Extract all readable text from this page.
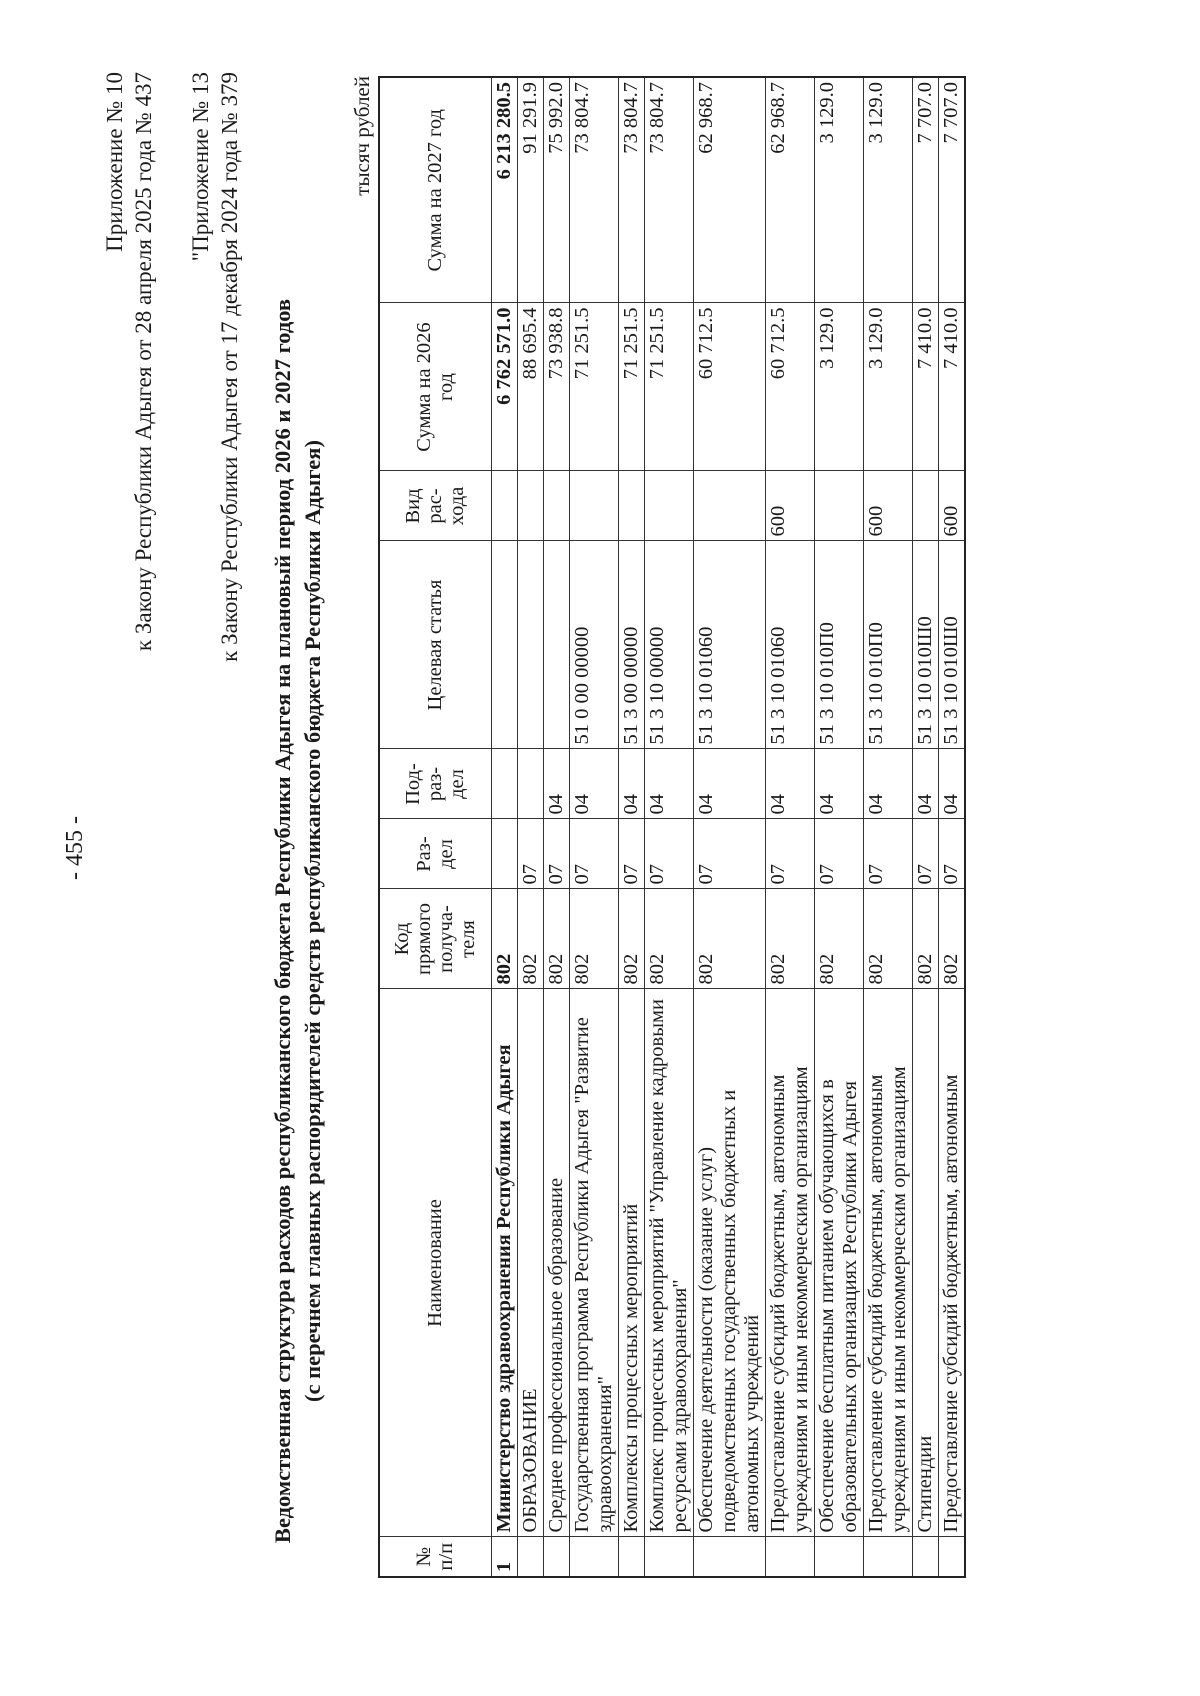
- 455 -
Приложение № 10 к Закону Республики Адыгея от 28 апреля 2025 года № 437 "Приложение № 13 к Закону Республики Адыгея от 17 декабря 2024 года № 379 Ведомственная структура расходов республиканского бюджета Республики Адыгея на плановый период 2026 и 2027 годов (с перечнем главных распорядителей средств республиканского бюджета Республики Адыгея)
тысяч рублей
№ п/п	Наименование	Код прямого получа-теля	Раз-дел	Под-раз-дел	Целевая статья	Вид рас-хода	Сумма на 2026 год	Сумма на 2027 год
1	Министерство здравоохранения Республики Адыгея	802					6 762 571.0	6 213 280.5
	ОБРАЗОВАНИЕ	802	07				88 695.4	91 291.9
	Среднее профессиональное образование	802	07	04			73 938.8	75 992.0
	Государственная программа Республики Адыгея "Развитие здравоохранения"	802	07	04	51 0 00 00000		71 251.5	73 804.7
	Комплексы процессных мероприятий	802	07	04	51 3 00 00000		71 251.5	73 804.7
	Комплекс процессных мероприятий "Управление кадровыми ресурсами здравоохранения"	802	07	04	51 3 10 00000		71 251.5	73 804.7
	Обеспечение деятельности (оказание услуг) подведомственных государственных бюджетных и автономных учреждений	802	07	04	51 3 10 01060		60 712.5	62 968.7
	Предоставление субсидий бюджетным, автономным учреждениям и иным некоммерческим организациям	802	07	04	51 3 10 01060	600	60 712.5	62 968.7
	Обеспечение бесплатным питанием обучающихся в образовательных организациях Республики Адыгея	802	07	04	51 3 10 010П0		3 129.0	3 129.0
	Предоставление субсидий бюджетным, автономным учреждениям и иным некоммерческим организациям	802	07	04	51 3 10 010П0	600	3 129.0	3 129.0
	Стипендии	802	07	04	51 3 10 010Ш0		7 410.0	7 707.0
	Предоставление субсидий бюджетным, автономным	802	07	04	51 3 10 010Ш0	600	7 410.0	7 707.0
